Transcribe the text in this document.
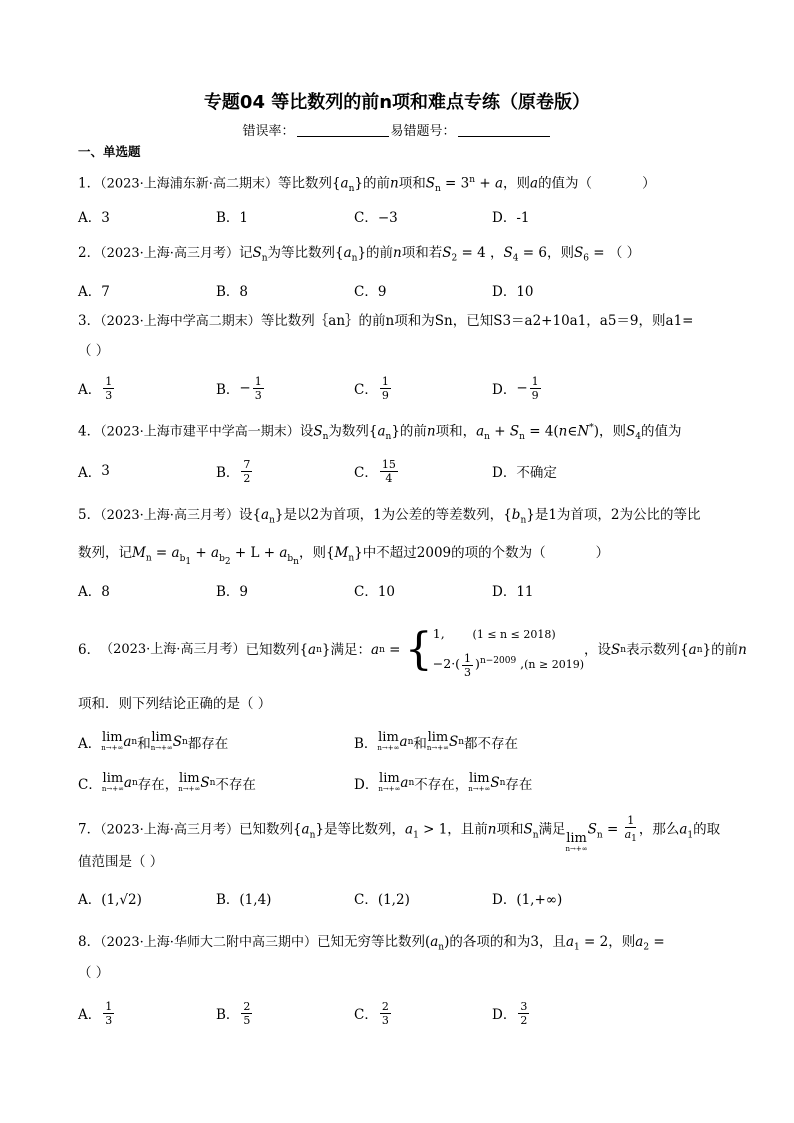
专题04 等比数列的前n项和难点专练（原卷版）
错误率：	易错题号：
一、单选题
1．（2023·上海浦东新·高二期末）等比数列$\{a_n\}$的前n项和$S_n = 3^n + a$，则a的值为（	）
A．3	B．1	C．−3	D．-1
2．（2023·上海·高三月考）记$S_n$为等比数列$\{a_n\}$的前n项和若$S_2 = 4$ ，$S_4 = 6$，则$S_6$ = （ ）
A．7	B．8	C．9	D．10
3．（2023·上海中学高二期末）等比数列｛an｝的前n项和为Sn，已知S3＝a2+10a1，a5＝9，则a1=
（ ）
A． $\frac{1}{3}$	B． − $\frac{1}{3}$	C． $\frac{1}{9}$	D． − $\frac{1}{9}$
4．（2023·上海市建平中学高一期末）设$S_n$为数列$\{a_n\}$的前n项和，$a_n + S_n$ = 4(n∈N*)，则$S_4$的值为
A． 3	B． $\frac{7}{2}$	C． $\frac{15}{4}$	D． 不确定
5．（2023·上海·高三月考）设$\{a_n\}$是以2为首项，1为公差的等差数列，$\{b_n\}$是1为首项，2为公比的等比
数列，记$M_n = a_{b_1} + a_{b_2} + L + a_{b_n}$，则$\{M_n\}$中不超过2009的项的个数为（	）
A．8	B．9	C．10	D．11
6． （2023·上海·高三月考） 已知数列 { a n } 满足： a n = { 1,	(1 ≤ n ≤ 2018)
$-2\cdot( \frac{1}{3} )^{n-2009}$ ,(n ≥ 2019)
，设 S n 表示数列 { a n } 的前 n
项和．则下列结论正确的是（ ）
A． lim
n→+∞ a n 和 lim
n→+∞ S n 都存在	B． lim
n→+∞ a n 和 lim
n→+∞ S n 都不存在
C． lim
n→+∞ a n 存在， lim
n→+∞ S n 不存在	D． lim
n→+∞ a n 不存在， lim
n→+∞ S n 存在
7．（2023·上海·高三月考）已知数列$\{a_n\}$是等比数列，$a_1 > 1$，且前n项和$S_n$满足
lim
n→+∞
$S_n = \frac{1}{a_1}$ ，那么$a_1$的取
值范围是（ ）
A．(1,√2)	B．(1,4)	C．(1,2)	D．(1,+∞)
8．（2023·上海·华师大二附中高三期中）已知无穷等比数列$(a_n)$的各项的和为3，且$a_1 = 2$，则$a_2$ =
（ ）
A． $\frac{1}{3}$	B． $\frac{2}{5}$	C． $\frac{2}{3}$	D． $\frac{3}{2}$
